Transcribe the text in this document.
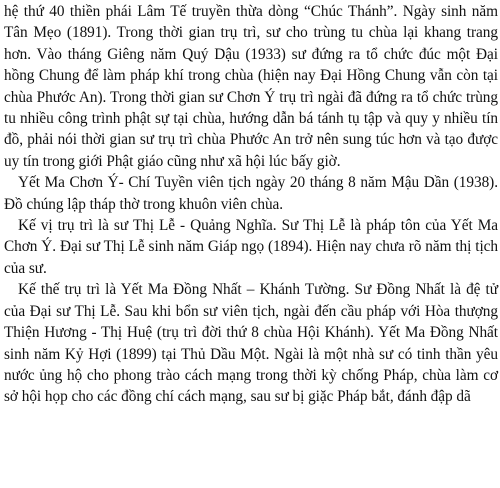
hệ thứ 40 thiền phái Lâm Tế truyền thừa dòng “Chúc Thánh”. Ngày sinh năm Tân Mẹo (1891). Trong thời gian trụ trì, sư cho trùng tu chùa lại khang trang hơn. Vào tháng Giêng năm Quý Dậu (1933) sư đứng ra tổ chức đúc một Đại hồng Chung để làm pháp khí trong chùa (hiện nay Đại Hồng Chung vẫn còn tại chùa Phước An). Trong thời gian sư Chơn Ý trụ trì ngài đã đứng ra tổ chức trùng tu nhiều công trình phật sự tại chùa, hướng dẫn bá tánh tụ tập và quy y nhiều tín đồ, phải nói thời gian sư trụ trì chùa Phước An trở nên sung túc hơn và tạo được uy tín trong giới Phật giáo cũng như xã hội lúc bấy giờ.

Yết Ma Chơn Ý- Chí Tuyền viên tịch ngày 20 tháng 8 năm Mậu Dần (1938). Đồ chúng lập tháp thờ trong khuôn viên chùa.

Kế vị trụ trì là sư Thị Lễ - Quảng Nghĩa. Sư Thị Lễ là pháp tôn của Yết Ma Chơn Ý. Đại sư Thị Lễ sinh năm Giáp ngọ (1894). Hiện nay chưa rõ năm thị tịch của sư.

Kế thế trụ trì là Yết Ma Đồng Nhất – Khánh Tường. Sư Đồng Nhất là đệ tử của Đại sư Thị Lễ. Sau khi bổn sư viên tịch, ngài đến cầu pháp với Hòa thượng Thiện Hương - Thị Huệ (trụ trì đời thứ 8 chùa Hội Khánh). Yết Ma Đồng Nhất sinh năm Kỷ Hợi (1899) tại Thủ Dầu Một. Ngài là một nhà sư có tinh thần yêu nước ủng hộ cho phong trào cách mạng trong thời kỳ chống Pháp, chùa làm cơ sở hội họp cho các đồng chí cách mạng, sau sư bị giặc Pháp bắt, đánh đập dã
